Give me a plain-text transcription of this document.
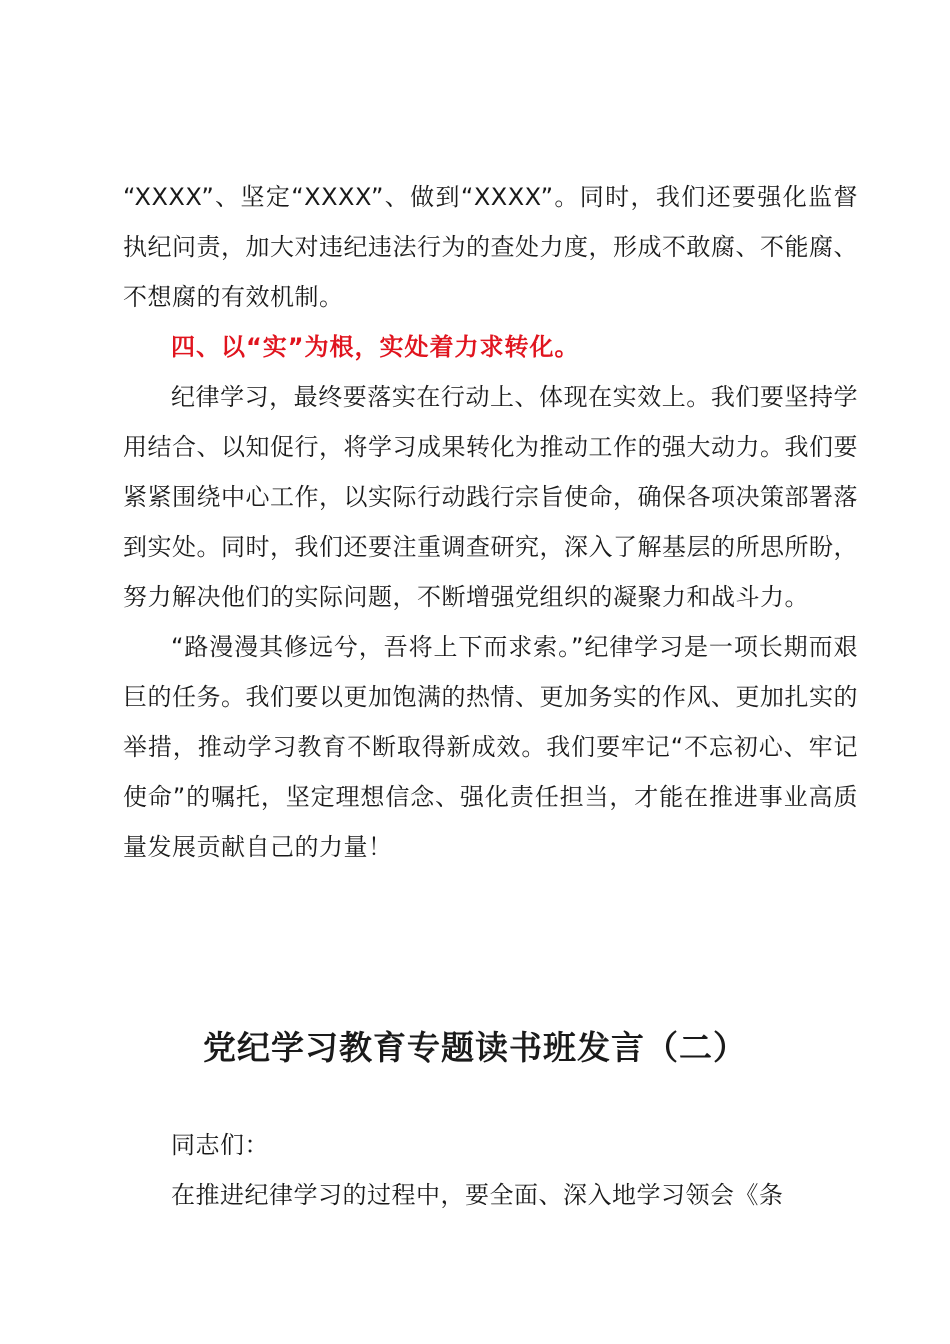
“XXXX”、坚定“XXXX”、做到“XXXX”。同时，我们还要强化监督执纪问责，加大对违纪违法行为的查处力度，形成不敢腐、不能腐、不想腐的有效机制。

四、以“实”为根，实处着力求转化。

纪律学习，最终要落实在行动上、体现在实效上。我们要坚持学用结合、以知促行，将学习成果转化为推动工作的强大动力。我们要紧紧围绕中心工作，以实际行动践行宗旨使命，确保各项决策部署落到实处。同时，我们还要注重调查研究，深入了解基层的所思所盼，努力解决他们的实际问题，不断增强党组织的凝聚力和战斗力。

“路漫漫其修远兮，吾将上下而求索。”纪律学习是一项长期而艰巨的任务。我们要以更加饱满的热情、更加务实的作风、更加扎实的举措，推动学习教育不断取得新成效。我们要牢记“不忘初心、牢记使命”的嘱托，坚定理想信念、强化责任担当，才能在推进事业高质量发展贡献自己的力量！

党纪学习教育专题读书班发言（二）

同志们：

在推进纪律学习的过程中，要全面、深入地学习领会《条
